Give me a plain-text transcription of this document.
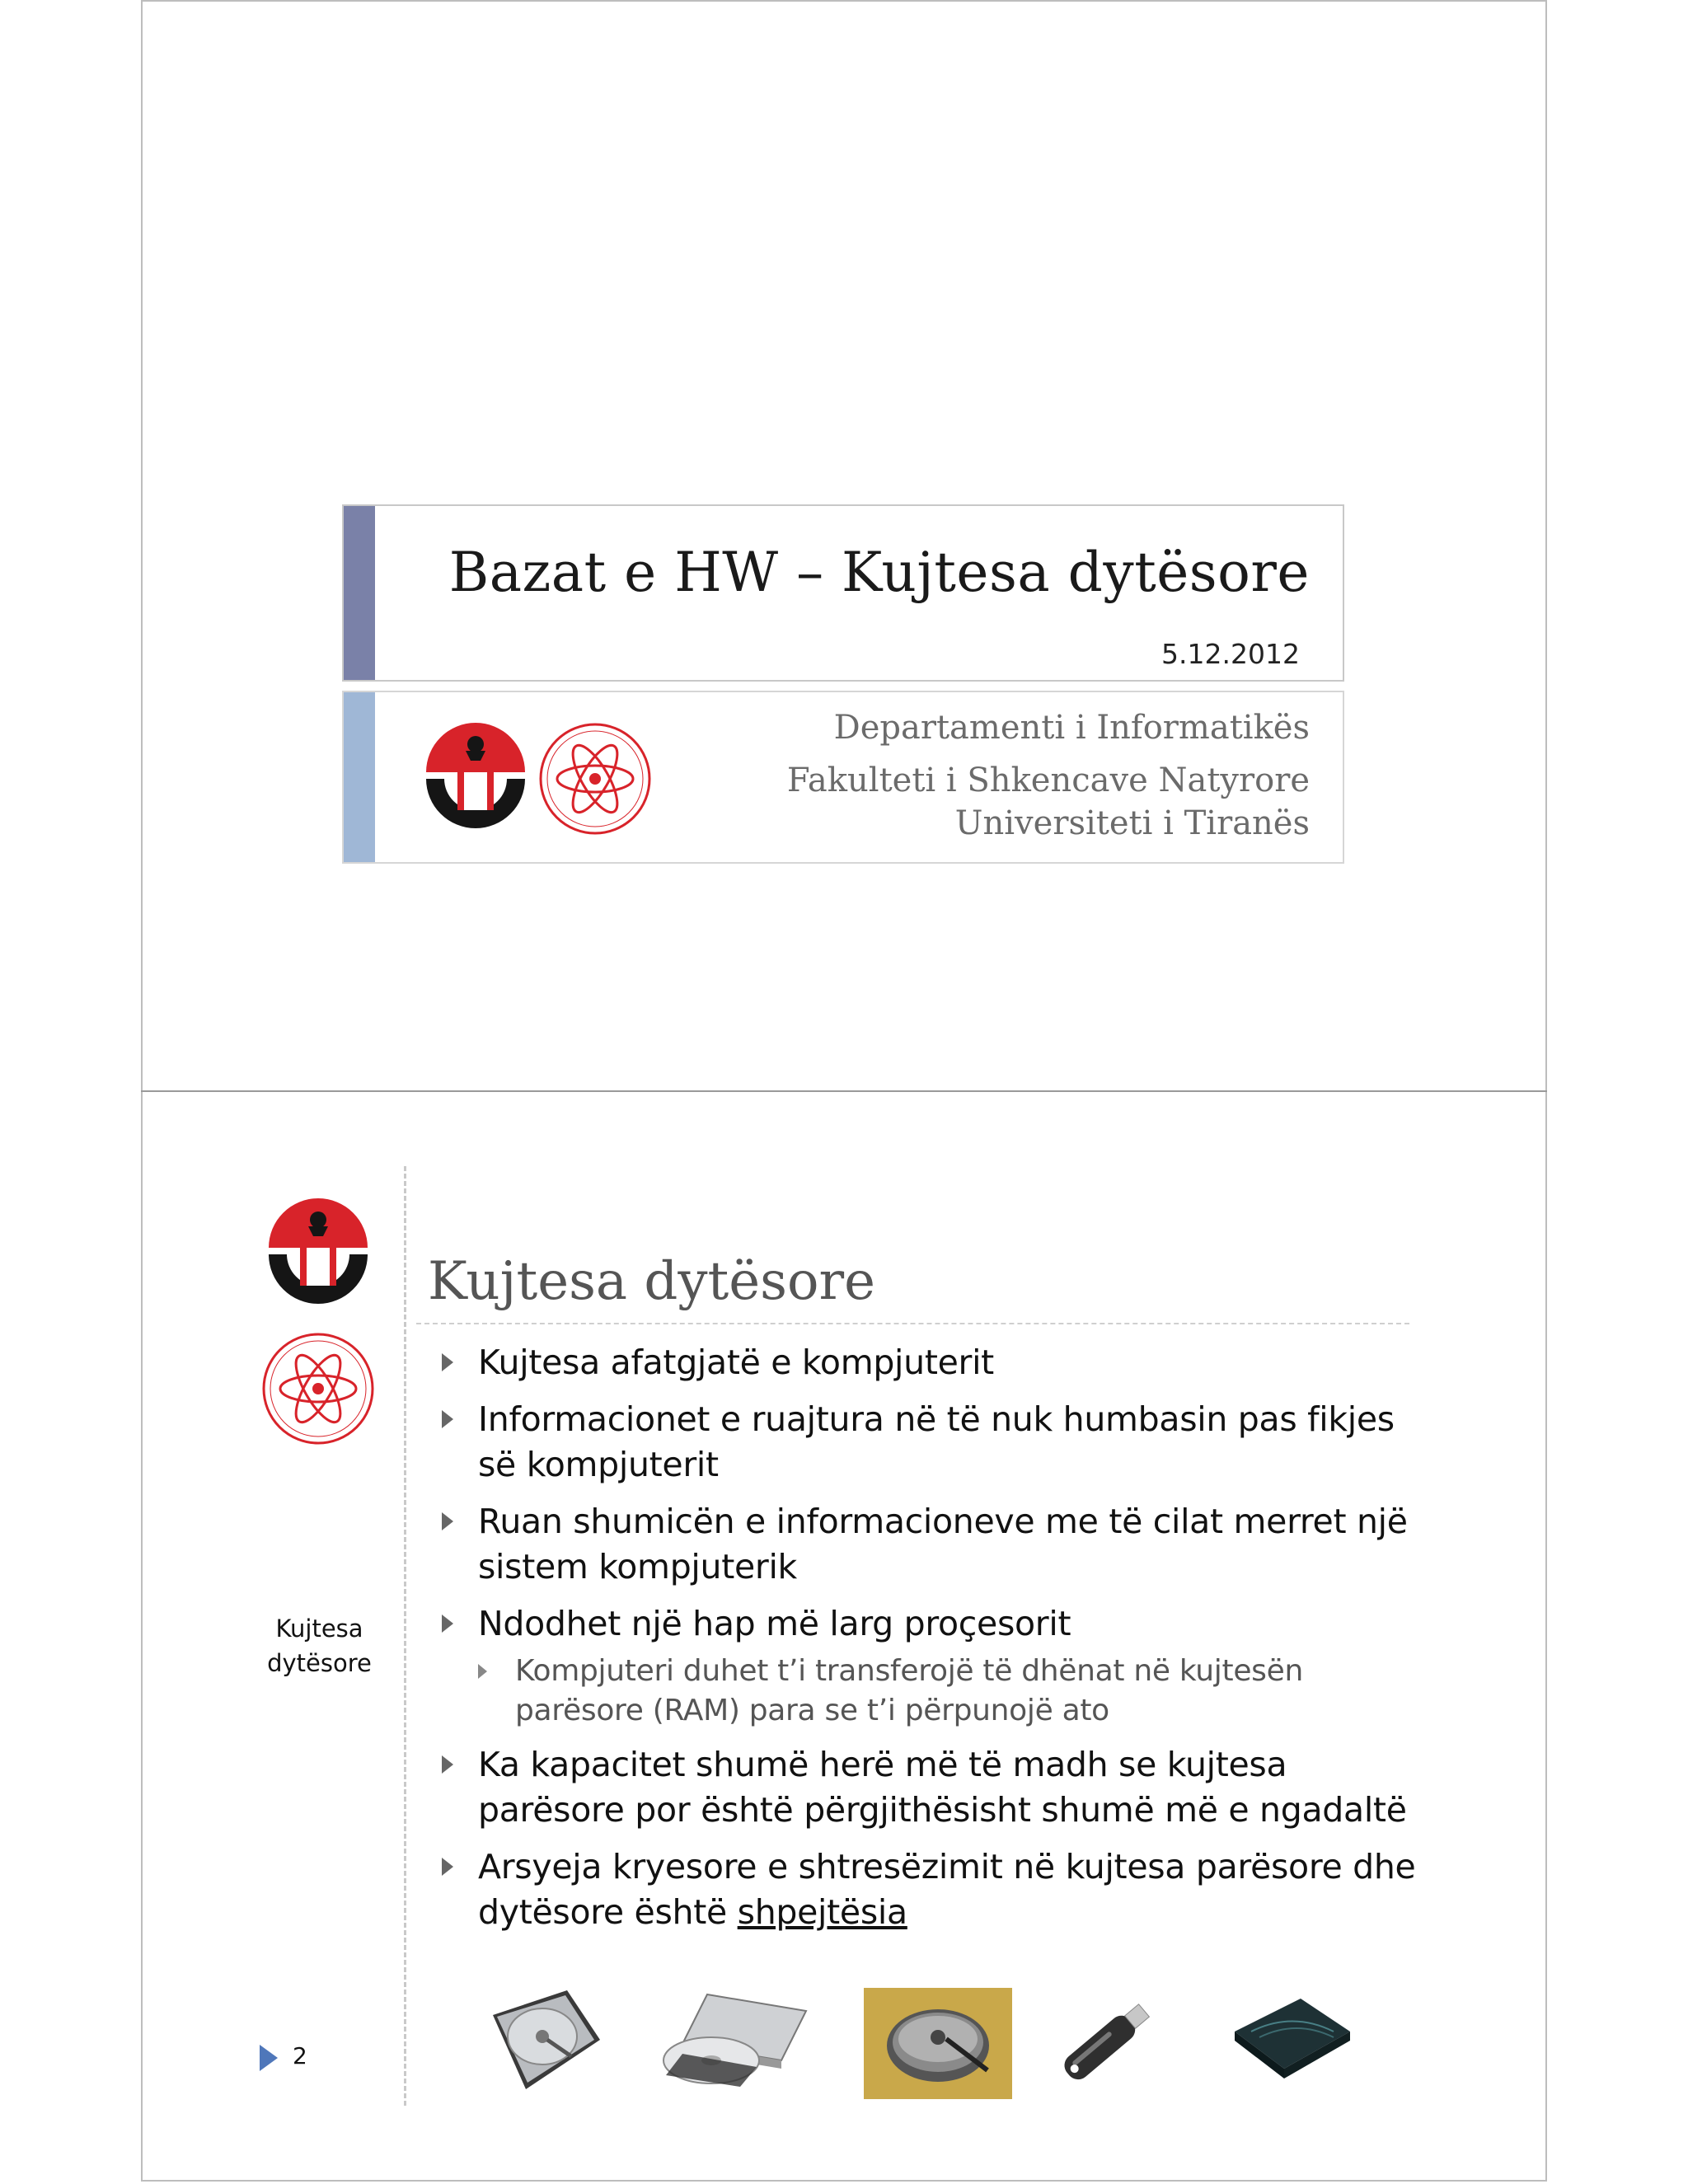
Bazat e HW – Kujtesa dytësore
5.12.2012
Departamenti i Informatikës
Fakulteti i Shkencave Natyrore
Universiteti i Tiranës
Kujtesa
dytësore
2
Kujtesa dytësore
Kujtesa afatgjatë e kompjuterit
Informacionet e ruajtura në të nuk humbasin pas fikjes së kompjuterit
Ruan shumicën e informacioneve me të cilat merret një sistem kompjuterik
Ndodhet një hap më larg proçesorit
Kompjuteri duhet t’i transferojë të dhënat në kujtesën parësore (RAM) para se t’i përpunojë ato
Ka kapacitet shumë herë më të madh se kujtesa parësore por është përgjithësisht shumë më e ngadaltë
Arsyeja kryesore e shtresëzimit në kujtesa parësore dhe dytësore është shpejtësia
